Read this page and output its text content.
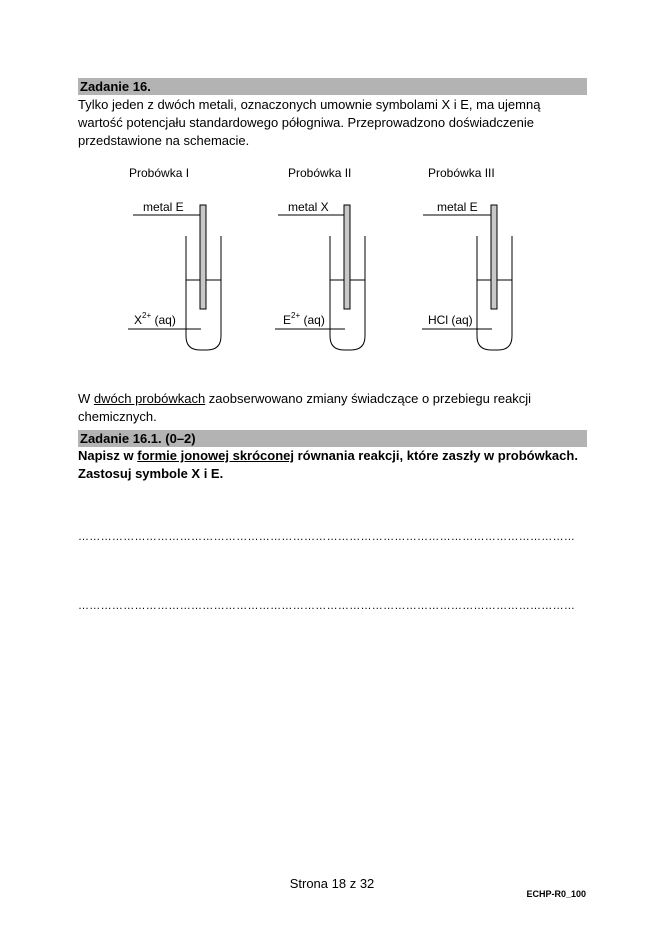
Zadanie 16.
Tylko jeden z dwóch metali, oznaczonych umownie symbolami X i E, ma ujemną wartość potencjału standardowego półogniwa. Przeprowadzono doświadczenie przedstawione na schemacie.
Probówka I
metal E
$X^{2+}$ (aq)
Probówka II
metal X
$E^{2+}$ (aq)
Probówka III
metal E
HCl (aq)
W dwóch probówkach zaobserwowano zmiany świadczące o przebiegu reakcji chemicznych.
Zadanie 16.1. (0–2)
Napisz w formie jonowej skróconej równania reakcji, które zaszły w probówkach.
Zastosuj symbole X i E.
……………………………………………………………………………………………………………………
……………………………………………………………………………………………………………………
Strona 18 z 32
ECHP-R0_100
